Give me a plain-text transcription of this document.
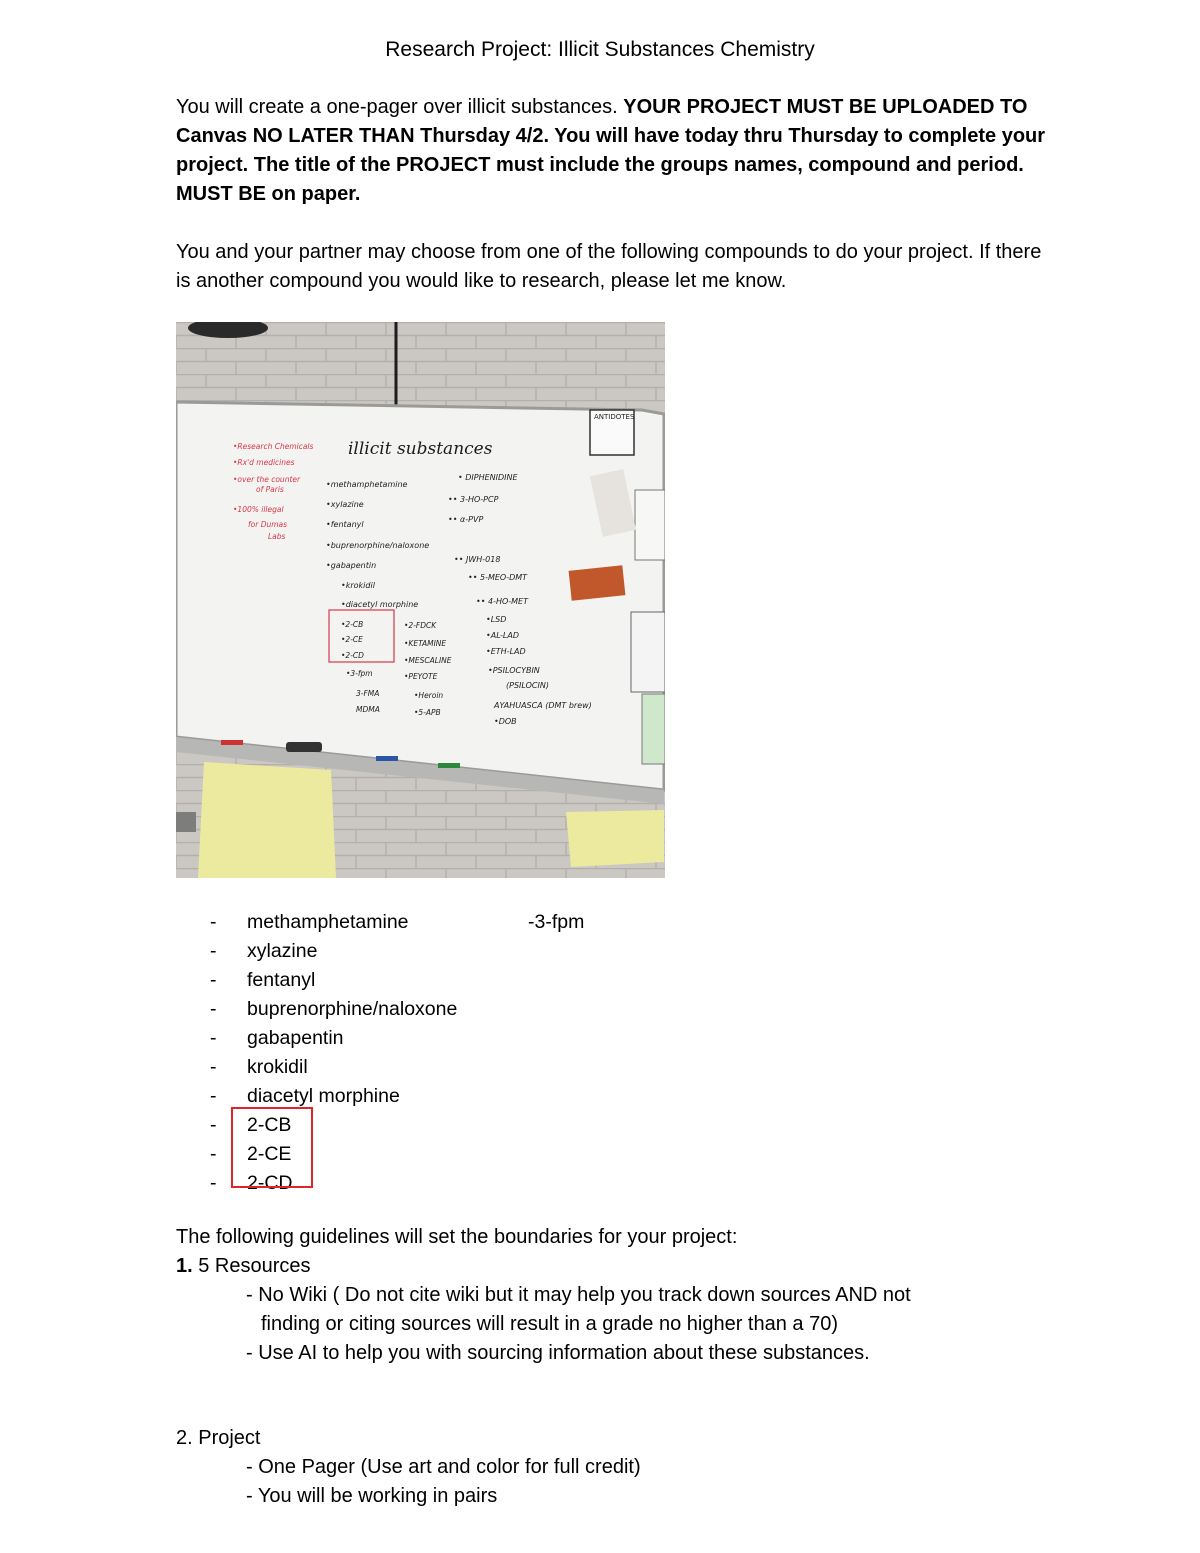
Research Project: Illicit Substances Chemistry
You will create a one-pager over illicit substances. YOUR PROJECT MUST BE UPLOADED TO Canvas NO LATER THAN Thursday 4/2. You will have today thru Thursday to complete your project. The title of the PROJECT must include the groups names, compound and period. MUST BE on paper.
You and your partner may choose from one of the following compounds to do your project. If there is another compound you would like to research, please let me know.
ANTIDOTES
illicit substances
•Research Chemicals
•Rx'd medicines
•over the counter
of Paris
•100% illegal
for Dumas
Labs
•methamphetamine
•xylazine
•fentanyl
•buprenorphine/naloxone
•gabapentin
•krokidil
•diacetyl morphine
•2-CB
•2-CE
•2-CD
•3-fpm
3-FMA
MDMA
•2-FDCK
•KETAMINE
•MESCALINE
•PEYOTE
•Heroin
•5-APB
• DIPHENIDINE
•• 3-HO-PCP
•• α-PVP
•• JWH-018
•• 5-MEO-DMT
•• 4-HO-MET
•LSD
•AL-LAD
•ETH-LAD
•PSILOCYBIN
(PSILOCIN)
AYAHUASCA (DMT brew)
•DOB
- methamphetamine	-3-fpm
- xylazine
- fentanyl
- buprenorphine/naloxone
- gabapentin
- krokidil
- diacetyl morphine
- 2-CB
- 2-CE
- 2-CD
The following guidelines will set the boundaries for your project:
1. 5 Resources
- No Wiki ( Do not cite wiki but it may help you track down sources AND not
finding or citing sources will result in a grade no higher than a 70)
- Use AI to help you with sourcing information about these substances.
2. Project
- One Pager (Use art and color for full credit)
- You will be working in pairs
